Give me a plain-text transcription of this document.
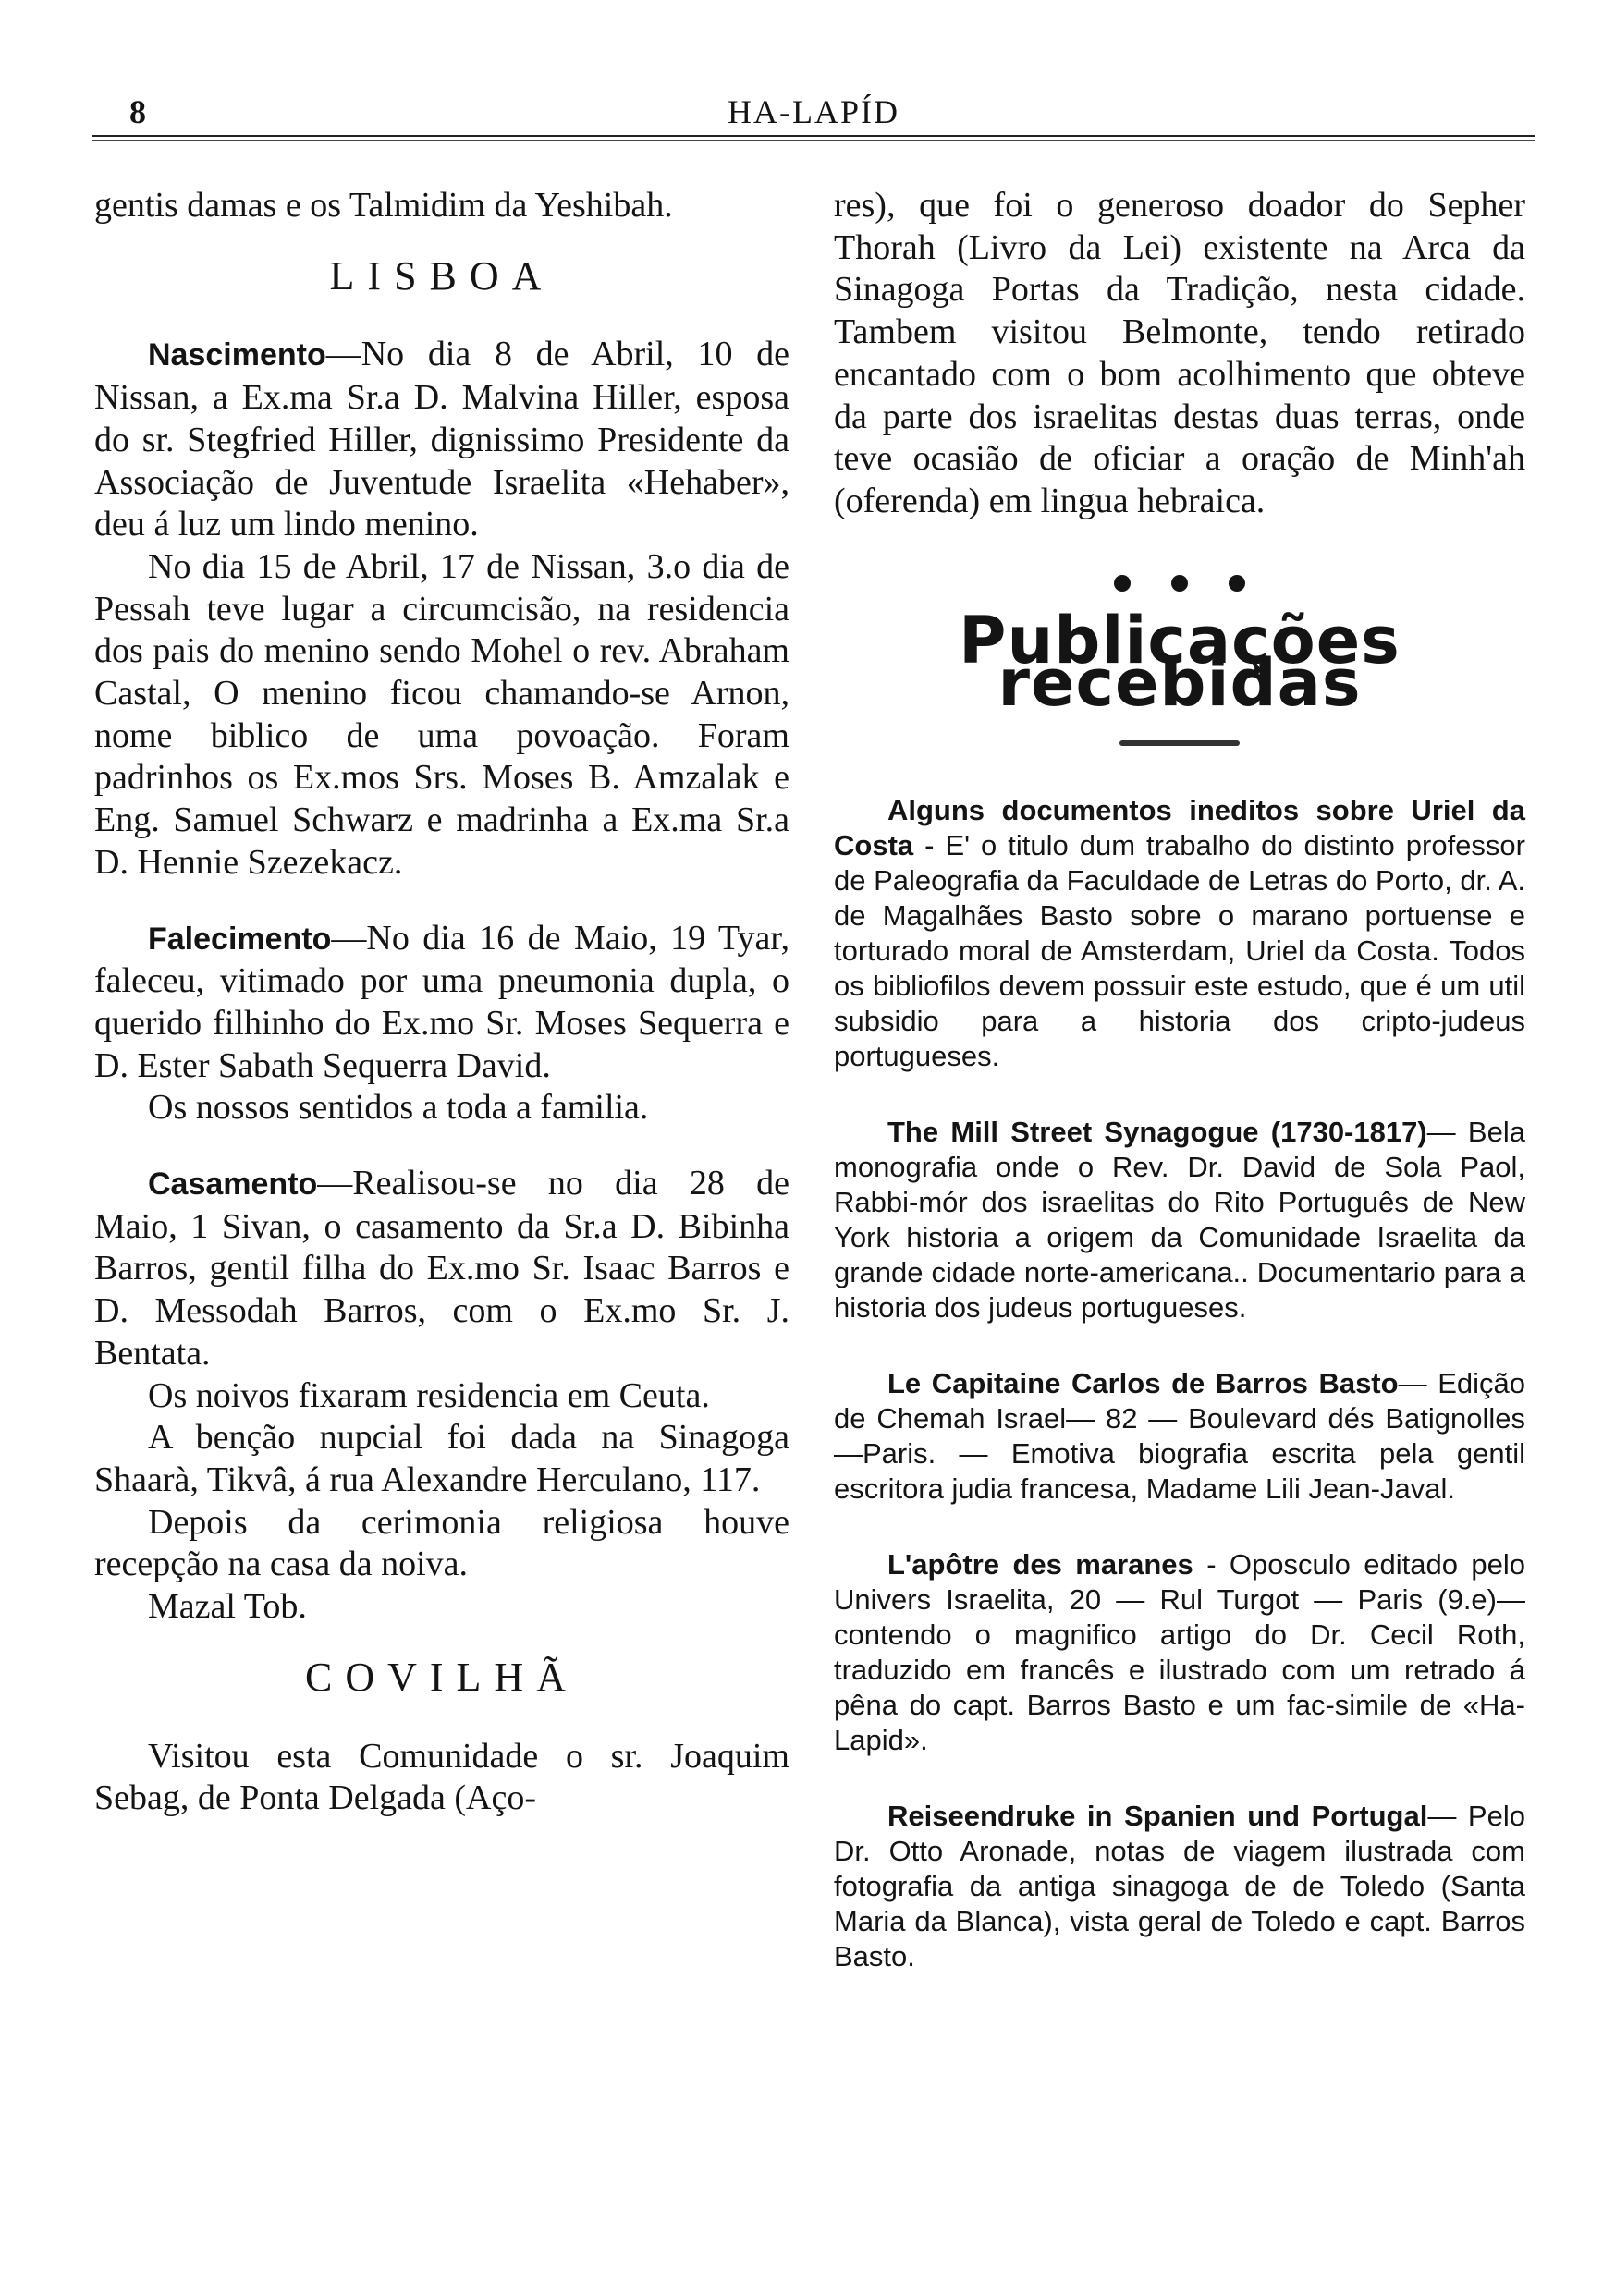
8	HA-LAPÍD

gentis damas e os Talmidim da Yeshibah.

LISBOA

Nascimento—No dia 8 de Abril, 10 de Nissan, a Ex.ma Sr.a D. Malvina Hiller, esposa do sr. Stegfried Hiller, dignissimo Presidente da Associação de Juventude Israelita «Hehaber», deu á luz um lindo menino.

No dia 15 de Abril, 17 de Nissan, 3.o dia de Pessah teve lugar a circumcisão, na residencia dos pais do menino sendo Mohel o rev. Abraham Castal, O menino ficou chamando-se Arnon, nome biblico de uma povoação. Foram padrinhos os Ex.mos Srs. Moses B. Amzalak e Eng. Samuel Schwarz e madrinha a Ex.ma Sr.a D. Hennie Szezekacz.

Falecimento—No dia 16 de Maio, 19 Tyar, faleceu, vitimado por uma pneumonia dupla, o querido filhinho do Ex.mo Sr. Moses Sequerra e D. Ester Sabath Sequerra David.

Os nossos sentidos a toda a familia.

Casamento—Realisou-se no dia 28 de Maio, 1 Sivan, o casamento da Sr.a D. Bibinha Barros, gentil filha do Ex.mo Sr. Isaac Barros e D. Messodah Barros, com o Ex.mo Sr. J. Bentata.

Os noivos fixaram residencia em Ceuta.

A benção nupcial foi dada na Sinagoga Shaarà, Tikvâ, á rua Alexandre Herculano, 117.

Depois da cerimonia religiosa houve recepção na casa da noiva.

Mazal Tob.

COVILHÃ

Visitou esta Comunidade o sr. Joaquim Sebag, de Ponta Delgada (Aço-

res), que foi o generoso doador do Sepher Thorah (Livro da Lei) existente na Arca da Sinagoga Portas da Tradição, nesta cidade. Tambem visitou Belmonte, tendo retirado encantado com o bom acolhimento que obteve da parte dos israelitas destas duas terras, onde teve ocasião de oficiar a oração de Minh'ah (oferenda) em lingua hebraica.

Publicações recebidas

Alguns documentos ineditos sobre Uriel da Costa - E' o titulo dum trabalho do distinto professor de Paleografia da Faculdade de Letras do Porto, dr. A. de Magalhães Basto sobre o marano portuense e torturado moral de Amsterdam, Uriel da Costa. Todos os bibliofilos devem possuir este estudo, que é um util subsidio para a historia dos cripto-judeus portugueses.

The Mill Street Synagogue (1730-1817)— Bela monografia onde o Rev. Dr. David de Sola Paol, Rabbi-mór dos israelitas do Rito Português de New York historia a origem da Comunidade Israelita da grande cidade norte-americana.. Documentario para a historia dos judeus portugueses.

Le Capitaine Carlos de Barros Basto— Edição de Chemah Israel— 82 — Boulevard dés Batignolles—Paris. — Emotiva biografia escrita pela gentil escritora judia francesa, Madame Lili Jean-Javal.

L'apôtre des maranes - Oposculo editado pelo Univers Israelita, 20 — Rul Turgot — Paris (9.e)—contendo o magnifico artigo do Dr. Cecil Roth, traduzido em francês e ilustrado com um retrado á pêna do capt. Barros Basto e um fac-simile de «Ha-Lapid».

Reiseendruke in Spanien und Portugal— Pelo Dr. Otto Aronade, notas de viagem ilustrada com fotografia da antiga sinagoga de de Toledo (Santa Maria da Blanca), vista geral de Toledo e capt. Barros Basto.
